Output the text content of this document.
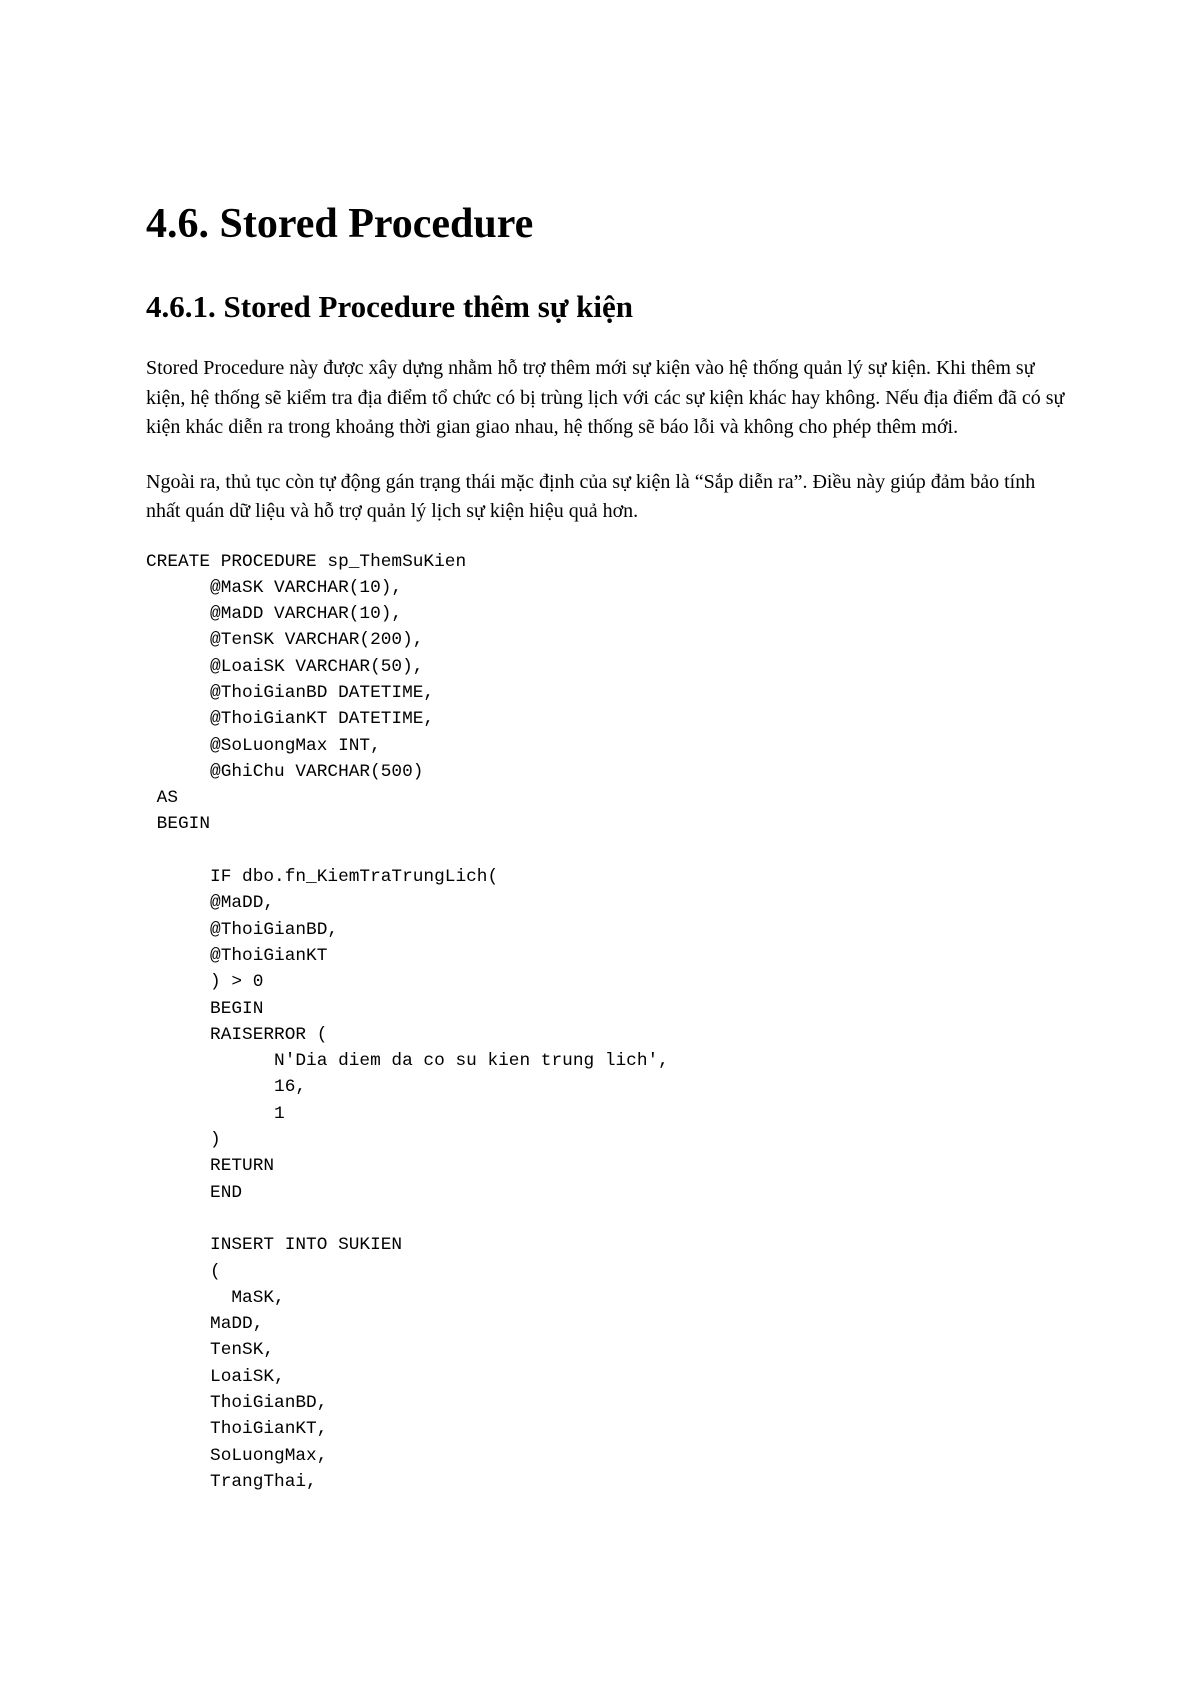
4.6. Stored Procedure
4.6.1. Stored Procedure thêm sự kiện

Stored Procedure này được xây dựng nhằm hỗ trợ thêm mới sự kiện vào hệ thống quản lý sự kiện. Khi thêm sự kiện, hệ thống sẽ kiểm tra địa điểm tổ chức có bị trùng lịch với các sự kiện khác hay không. Nếu địa điểm đã có sự kiện khác diễn ra trong khoảng thời gian giao nhau, hệ thống sẽ báo lỗi và không cho phép thêm mới.

Ngoài ra, thủ tục còn tự động gán trạng thái mặc định của sự kiện là “Sắp diễn ra”. Điều này giúp đảm bảo tính nhất quán dữ liệu và hỗ trợ quản lý lịch sự kiện hiệu quả hơn.

CREATE PROCEDURE sp_ThemSuKien
@MaSK VARCHAR(10),
@MaDD VARCHAR(10),
@TenSK VARCHAR(200),
@LoaiSK VARCHAR(50),
@ThoiGianBD DATETIME,
@ThoiGianKT DATETIME,
@SoLuongMax INT,
@GhiChu VARCHAR(500)
AS
BEGIN

IF dbo.fn_KiemTraTrungLich(
@MaDD,
@ThoiGianBD,
@ThoiGianKT
) > 0
BEGIN
RAISERROR (
N'Dia diem da co su kien trung lich',
16,
1
)
RETURN
END

INSERT INTO SUKIEN
(
MaSK,
MaDD,
TenSK,
LoaiSK,
ThoiGianBD,
ThoiGianKT,
SoLuongMax,
TrangThai,
